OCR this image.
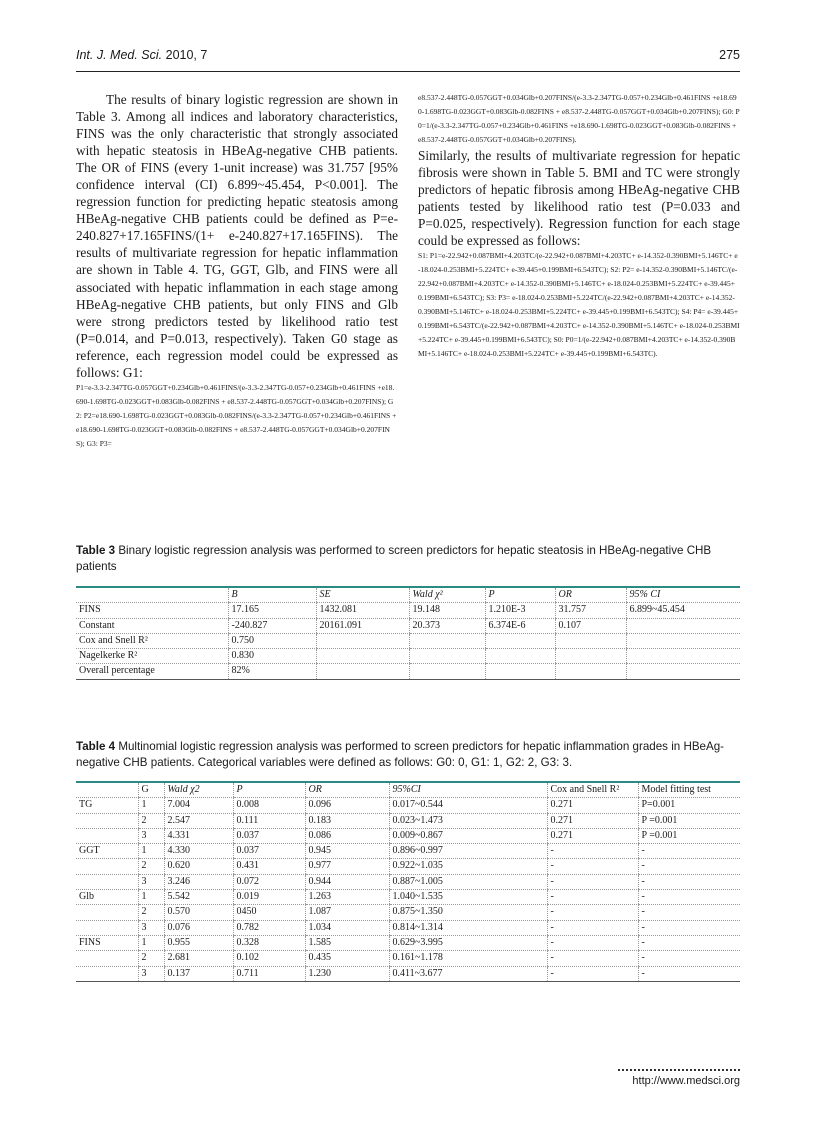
Int. J. Med. Sci. 2010, 7	275

The results of binary logistic regression are shown in Table 3. Among all indices and laboratory characteristics, FINS was the only characteristic that strongly associated with hepatic steatosis in HBeAg-negative CHB patients. The OR of FINS (every 1-unit increase) was 31.757 [95% confidence interval (CI) 6.899~45.454, P<0.001]. The regression function for predicting hepatic steatosis among HBeAg-negative CHB patients could be defined as P=e-240.827+17.165FINS/(1+ e-240.827+17.165FINS). The results of multivariate regression for hepatic inflammation are shown in Table 4. TG, GGT, Glb, and FINS were all associated with hepatic inflammation in each stage among HBeAg-negative CHB patients, but only FINS and Glb were strong predictors tested by likelihood ratio test (P=0.014, and P=0.013, respectively). Taken G0 stage as reference, each regression model could be expressed as follows: G1:

P1=e-3.3-2.347TG-0.057GGT+0.234Glb+0.461FINS/(e-3.3-2.347TG-0.057+0.234Glb+0.461FINS +e18.690-1.698TG-0.023GGT+0.083Glb-0.082FINS + e8.537-2.448TG-0.057GGT+0.034Glb+0.207FINS); G2: P2=e18.690-1.698TG-0.023GGT+0.083Glb-0.082FINS/(e-3.3-2.347TG-0.057+0.234Glb+0.461FINS +e18.690-1.698TG-0.023GGT+0.083Glb-0.082FINS + e8.537-2.448TG-0.057GGT+0.034Glb+0.207FINS); G3: P3=

e8.537-2.448TG-0.057GGT+0.034Glb+0.207FINS/(e-3.3-2.347TG-0.057+0.234Glb+0.461FINS +e18.690-1.698TG-0.023GGT+0.083Glb-0.082FINS + e8.537-2.448TG-0.057GGT+0.034Glb+0.207FINS); G0: P0=1/(e-3.3-2.347TG-0.057+0.234Glb+0.461FINS +e18.690-1.698TG-0.023GGT+0.083Glb-0.082FINS + e8.537-2.448TG-0.057GGT+0.034Glb+0.207FINS).

Similarly, the results of multivariate regression for hepatic fibrosis were shown in Table 5. BMI and TC were strongly predictors of hepatic fibrosis among HBeAg-negative CHB patients tested by likelihood ratio test (P=0.033 and P=0.025, respectively). Regression function for each stage could be expressed as follows:

S1: P1=e-22.942+0.087BMI+4.203TC/(e-22.942+0.087BMI+4.203TC+ e-14.352-0.390BMI+5.146TC+ e-18.024-0.253BMI+5.224TC+ e-39.445+0.199BMI+6.543TC); S2: P2= e-14.352-0.390BMI+5.146TC/(e-22.942+0.087BMI+4.203TC+ e-14.352-0.390BMI+5.146TC+ e-18.024-0.253BMI+5.224TC+ e-39.445+0.199BMI+6.543TC); S3: P3= e-18.024-0.253BMI+5.224TC/(e-22.942+0.087BMI+4.203TC+ e-14.352-0.390BMI+5.146TC+ e-18.024-0.253BMI+5.224TC+ e-39.445+0.199BMI+6.543TC); S4: P4= e-39.445+0.199BMI+6.543TC/(e-22.942+0.087BMI+4.203TC+ e-14.352-0.390BMI+5.146TC+ e-18.024-0.253BMI+5.224TC+ e-39.445+0.199BMI+6.543TC); S0: P0=1/(e-22.942+0.087BMI+4.203TC+ e-14.352-0.390BMI+5.146TC+ e-18.024-0.253BMI+5.224TC+ e-39.445+0.199BMI+6.543TC).

Table 3 Binary logistic regression analysis was performed to screen predictors for hepatic steatosis in HBeAg-negative CHB patients
	B	SE	Wald χ²	P	OR	95% CI
FINS	17.165	1432.081	19.148	1.210E-3	31.757	6.899~45.454
Constant	-240.827	20161.091	20.373	6.374E-6	0.107	
Cox and Snell R²	0.750					
Nagelkerke R²	0.830					
Overall percentage	82%					
Table 4 Multinomial logistic regression analysis was performed to screen predictors for hepatic inflammation grades in HBeAg-negative CHB patients. Categorical variables were defined as follows: G0: 0, G1: 1, G2: 2, G3: 3.
	G	Wald χ2	P	OR	95%CI	Cox and Snell R²	Model fitting test
TG	1	7.004	0.008	0.096	0.017~0.544	0.271	P=0.001
	2	2.547	0.111	0.183	0.023~1.473	0.271	P =0.001
	3	4.331	0.037	0.086	0.009~0.867	0.271	P =0.001
GGT	1	4.330	0.037	0.945	0.896~0.997	-	-
	2	0.620	0.431	0.977	0.922~1.035	-	-
	3	3.246	0.072	0.944	0.887~1.005	-	-
Glb	1	5.542	0.019	1.263	1.040~1.535	-	-
	2	0.570	0450	1.087	0.875~1.350	-	-
	3	0.076	0.782	1.034	0.814~1.314	-	-
FINS	1	0.955	0.328	1.585	0.629~3.995	-	-
	2	2.681	0.102	0.435	0.161~1.178	-	-
	3	0.137	0.711	1.230	0.411~3.677	-	-
http://www.medsci.org
